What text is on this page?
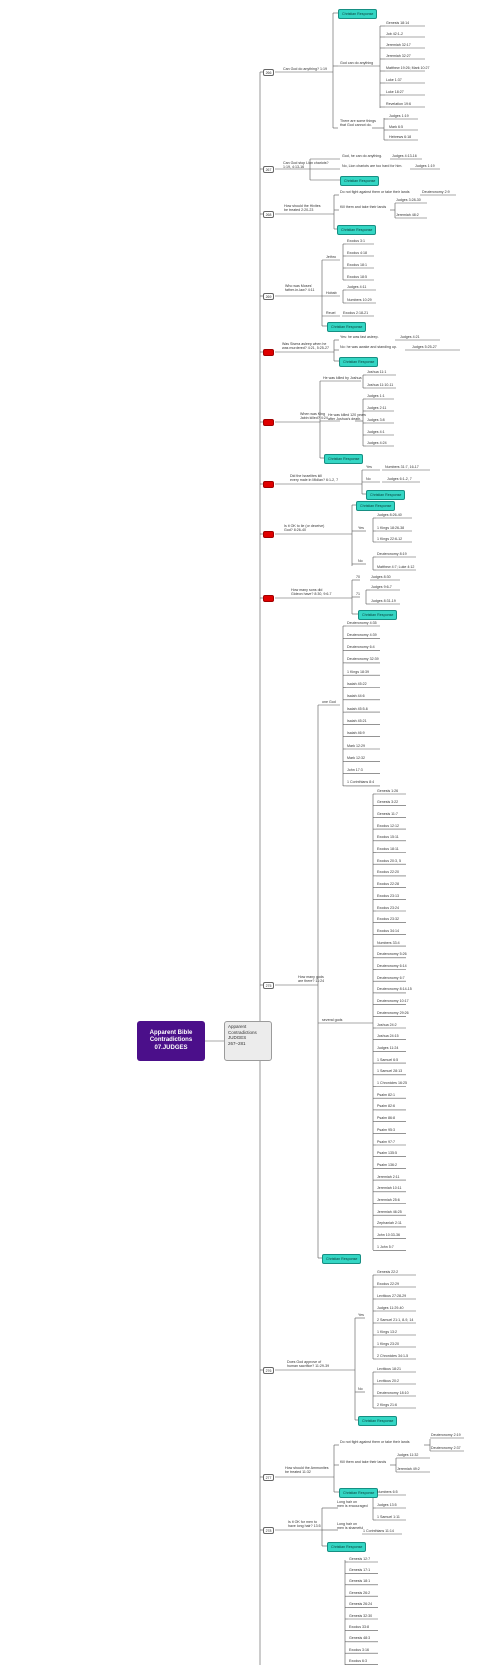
Apparent Bible
Contradictions
07.JUDGES
Apparent
Contradictions
JUDGES
267–281
266
Can God do anything? 1:19
Christian Response
God can do anything
Genesis 18:14
Job 42:1-2
Jeremiah 32:17
Jeremiah 32:27
Matthew 19:26; Mark 10:27
Luke 1:37
Luke 18:27
Revelation 19:6
There are some things
that God cannot do.
Judges 1:19
Mark 6:5
Hebrews 6:18
267
Can God stop Lion chariots?
1:19, 4:13-16
God, he can do anything.	Judges 4:13-16
No, Lion chariots are too hard for him.	Judges 1:19
Christian Response
268
How should the Hivites
be treated 2:20-23
Do not fight against them or take their lands	Deuteronomy 2:9
Kill them and take their lands
Judges 3:28-30
Jeremiah 48:2
Christian Response
269
Who was Moses'
father-in-law? 4:11
Jethro
Exodus 3:1
Exodus 4:18
Exodus 18:1
Exodus 18:5
Hobab
Judges 4:11
Numbers 10:29
Reuel Exodus 2:18-21
Christian Response
Was Sisera asleep when he
was murdered? 4:21, 5:25-27
Yes: he was fast asleep.	Judges 4:21
No: he was awake and standing up.	Judges 5:25-27
Christian Response
When was King
Jabin killed? 4:24
He was killed by Joshua
Joshua 11:1
Joshua 11:10-11
He was killed 120 years
after Joshua's death.
Judges 1:1
Judges 2:11
Judges 3:8
Judges 4:1
Judges 4:24
Christian Response
Did the Israelites kill
every male in Midian? 6:1-2, 7
Yes	Numbers 31:7, 16-17
No	Judges 6:1-2, 7
Christian Response
Christian Response
Is it OK to lie (or deceive)
God? 8:26-40
Yes
Judges 8:26-40
1 Kings 18:26-38
1 Kings 22:6-12
No
Deuteronomy 8:19
Matthew 4:7; Luke 4:12
How many sons did
Gideon have? 8:30, 9:6-7
70	Judges 8:30
71
Judges 9:6-7
Judges 8:31-19
Christian Response
275
How many gods
are there? 11:24
one God
Deuteronomy 4:35
Deuteronomy 4:39
Deuteronomy 6:4
Deuteronomy 32:39
1 Kings 18:39
Isaiah 45:22
Isaiah 44:6
Isaiah 45:5-6
Isaiah 45:21
Isaiah 46:9
Mark 12:29
Mark 12:32
John 17:3
1 Corinthians 8:4
several gods
Genesis 1:26
Genesis 3:22
Genesis 11:7
Exodus 12:12
Exodus 15:11
Exodus 18:11
Exodus 20:3, 5
Exodus 22:20
Exodus 22:28
Exodus 23:13
Exodus 23:24
Exodus 23:32
Exodus 34:14
Numbers 33:4
Deuteronomy 5:26
Deuteronomy 6:14
Deuteronomy 6:7
Deuteronomy 8:14-15
Deuteronomy 10:17
Deuteronomy 29:26
Joshua 24:2
Joshua 24:15
Judges 11:24
1 Samuel 6:5
1 Samuel 28:13
1 Chronicles 16:25
Psalm 82:1
Psalm 82:6
Psalm 86:8
Psalm 95:3
Psalm 97:7
Psalm 135:5
Psalm 136:2
Jeremiah 2:11
Jeremiah 10:11
Jeremiah 25:6
Jeremiah 46:25
Zephaniah 2:11
John 10:33-36
1 John 5:7
Christian Response
276
Does God approve of
human sacrifice? 11:29-39
Yes
Genesis 22:2
Exodus 22:29
Leviticus 27:28-29
Judges 11:29-40
2 Samuel 21:1, 8-9, 14
1 Kings 13:2
1 Kings 23:20
2 Chronicles 34:1-5
No
Leviticus 18:21
Leviticus 20:2
Deuteronomy 18:10
2 Kings 21:6
Christian Response
277
How should the Ammonites
be treated 11:32
Do not fight against them or take their lands
Deuteronomy 2:19
Deuteronomy 2:37
Kill them and take their lands
Judges 11:32
Jeremiah 49:2
Christian Response
278
Is it OK for men to
have long hair? 13:5
Long hair on
men is encouraged
Numbers 6:5
Judges 13:5
1 Samuel 1:11
Long hair on
men is shameful
1 Corinthians 11:14
Christian Response
Genesis 12:7
Genesis 17:1
Genesis 18:1
Genesis 26:2
Genesis 26:24
Genesis 32:30
Exodus 33:8
Genesis 48:3
Exodus 3:16
Exodus 6:3
